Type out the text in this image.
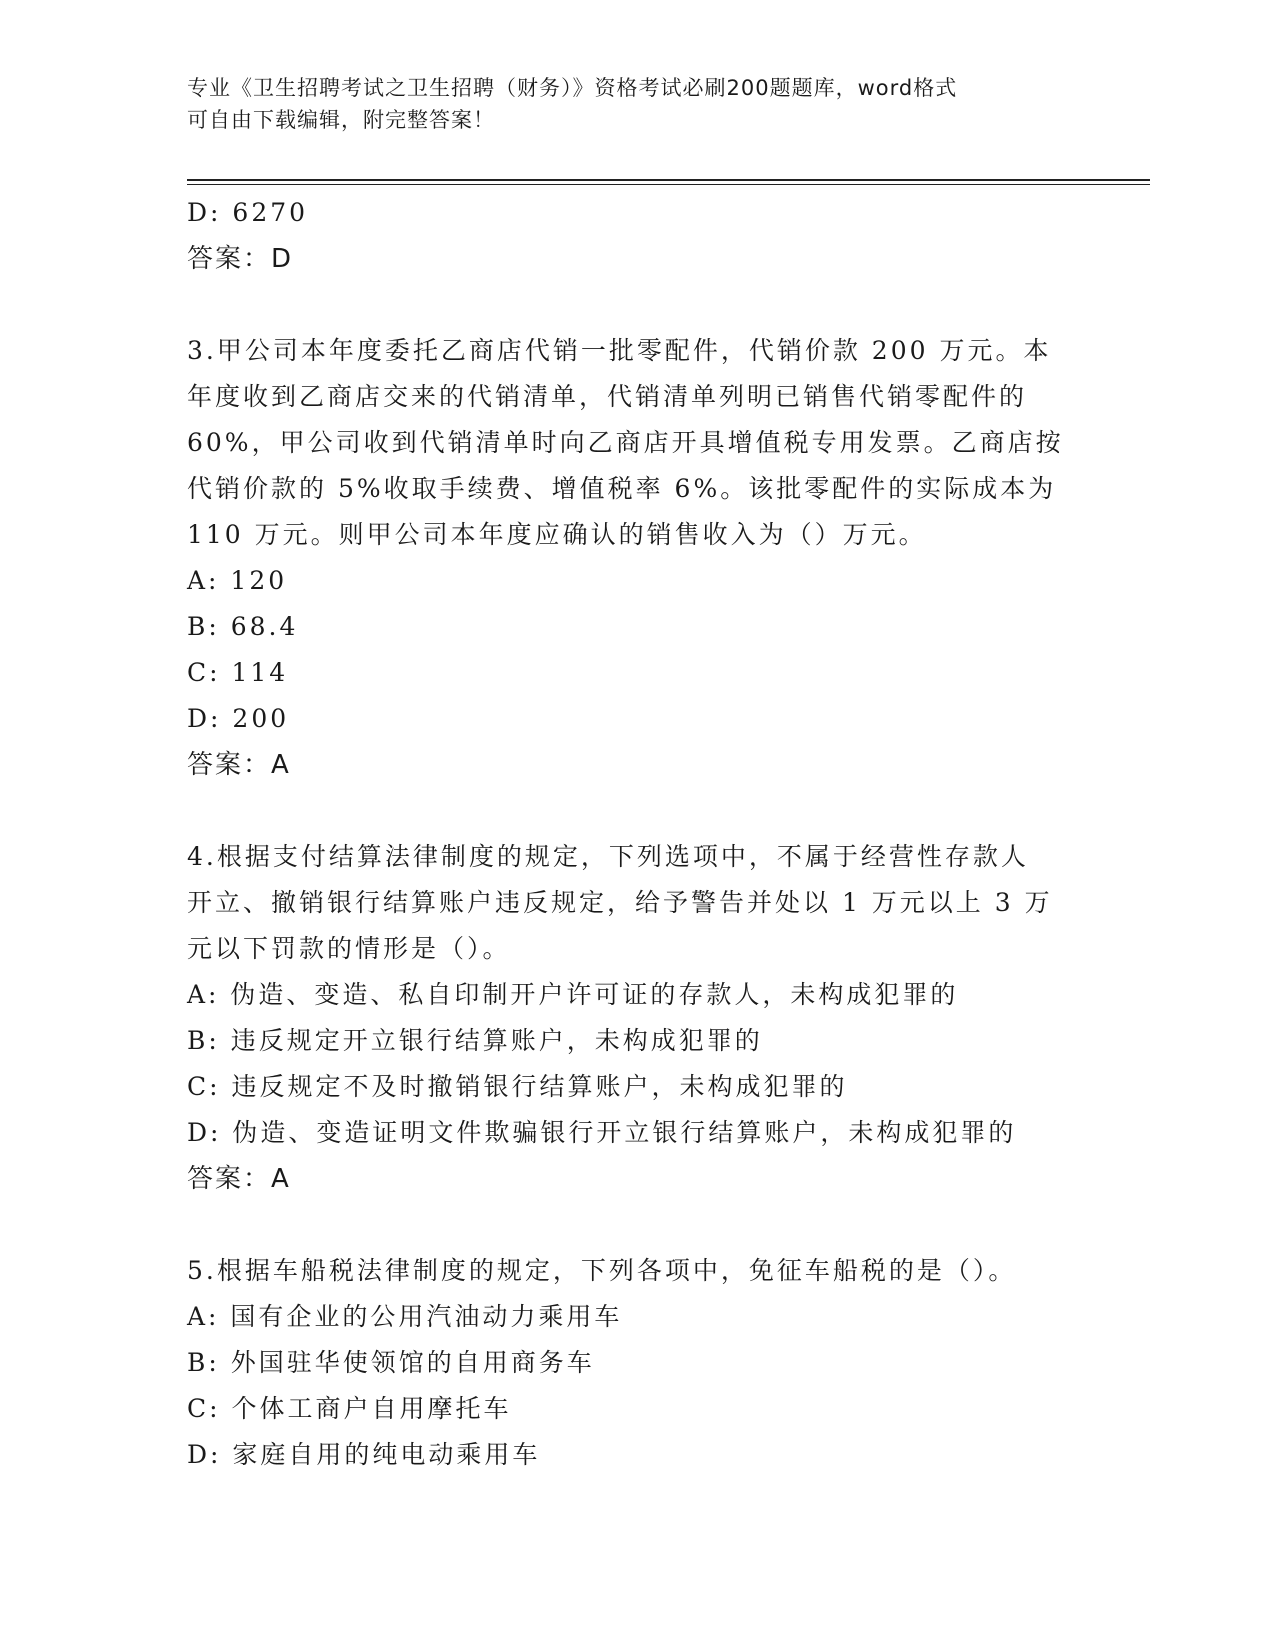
专业《卫生招聘考试之卫生招聘（财务）》资格考试必刷200题题库，word格式
可自由下载编辑，附完整答案！
D: 6270
答案：D
3.甲公司本年度委托乙商店代销一批零配件，代销价款 200 万元。本
年度收到乙商店交来的代销清单，代销清单列明已销售代销零配件的
60%，甲公司收到代销清单时向乙商店开具增值税专用发票。乙商店按
代销价款的 5%收取手续费、增值税率 6%。该批零配件的实际成本为
110 万元。则甲公司本年度应确认的销售收入为（）万元。
A: 120
B: 68.4
C: 114
D: 200
答案：A
4.根据支付结算法律制度的规定，下列选项中，不属于经营性存款人
开立、撤销银行结算账户违反规定，给予警告并处以 1 万元以上 3 万
元以下罚款的情形是（）。
A: 伪造、变造、私自印制开户许可证的存款人，未构成犯罪的
B: 违反规定开立银行结算账户，未构成犯罪的
C: 违反规定不及时撤销银行结算账户，未构成犯罪的
D: 伪造、变造证明文件欺骗银行开立银行结算账户，未构成犯罪的
答案：A
5.根据车船税法律制度的规定，下列各项中，免征车船税的是（）。
A: 国有企业的公用汽油动力乘用车
B: 外国驻华使领馆的自用商务车
C: 个体工商户自用摩托车
D: 家庭自用的纯电动乘用车
